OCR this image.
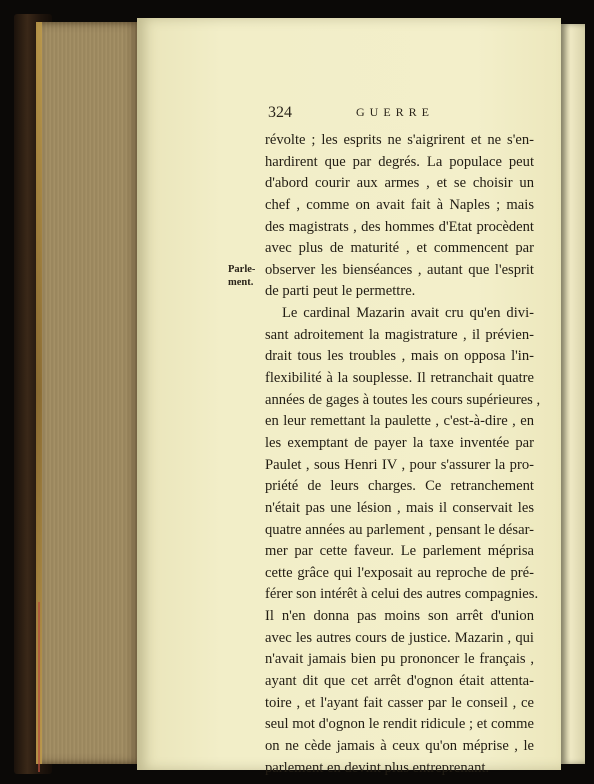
324	GUERRE
Parle-
ment.
révolte ; les esprits ne s'aigrirent et ne s'en-
hardirent que par degrés. La populace peut
d'abord courir aux armes , et se choisir un
chef , comme on avait fait à Naples ; mais
des magistrats , des hommes d'Etat procèdent
avec plus de maturité , et commencent par
observer les bienséances , autant que l'esprit
de parti peut le permettre.
Le cardinal Mazarin avait cru qu'en divi-
sant adroitement la magistrature , il prévien-
drait tous les troubles , mais on opposa l'in-
flexibilité à la souplesse. Il retranchait quatre
années de gages à toutes les cours supérieures ,
en leur remettant la paulette , c'est-à-dire , en
les exemptant de payer la taxe inventée par
Paulet , sous Henri IV , pour s'assurer la pro-
priété de leurs charges. Ce retranchement
n'était pas une lésion , mais il conservait les
quatre années au parlement , pensant le désar-
mer par cette faveur. Le parlement méprisa
cette grâce qui l'exposait au reproche de pré-
férer son intérêt à celui des autres compagnies.
Il n'en donna pas moins son arrêt d'union
avec les autres cours de justice. Mazarin , qui
n'avait jamais bien pu prononcer le français ,
ayant dit que cet arrêt d'ognon était attenta-
toire , et l'ayant fait casser par le conseil , ce
seul mot d'ognon le rendit ridicule ; et comme
on ne cède jamais à ceux qu'on méprise , le
parlement en devint plus entreprenant.
